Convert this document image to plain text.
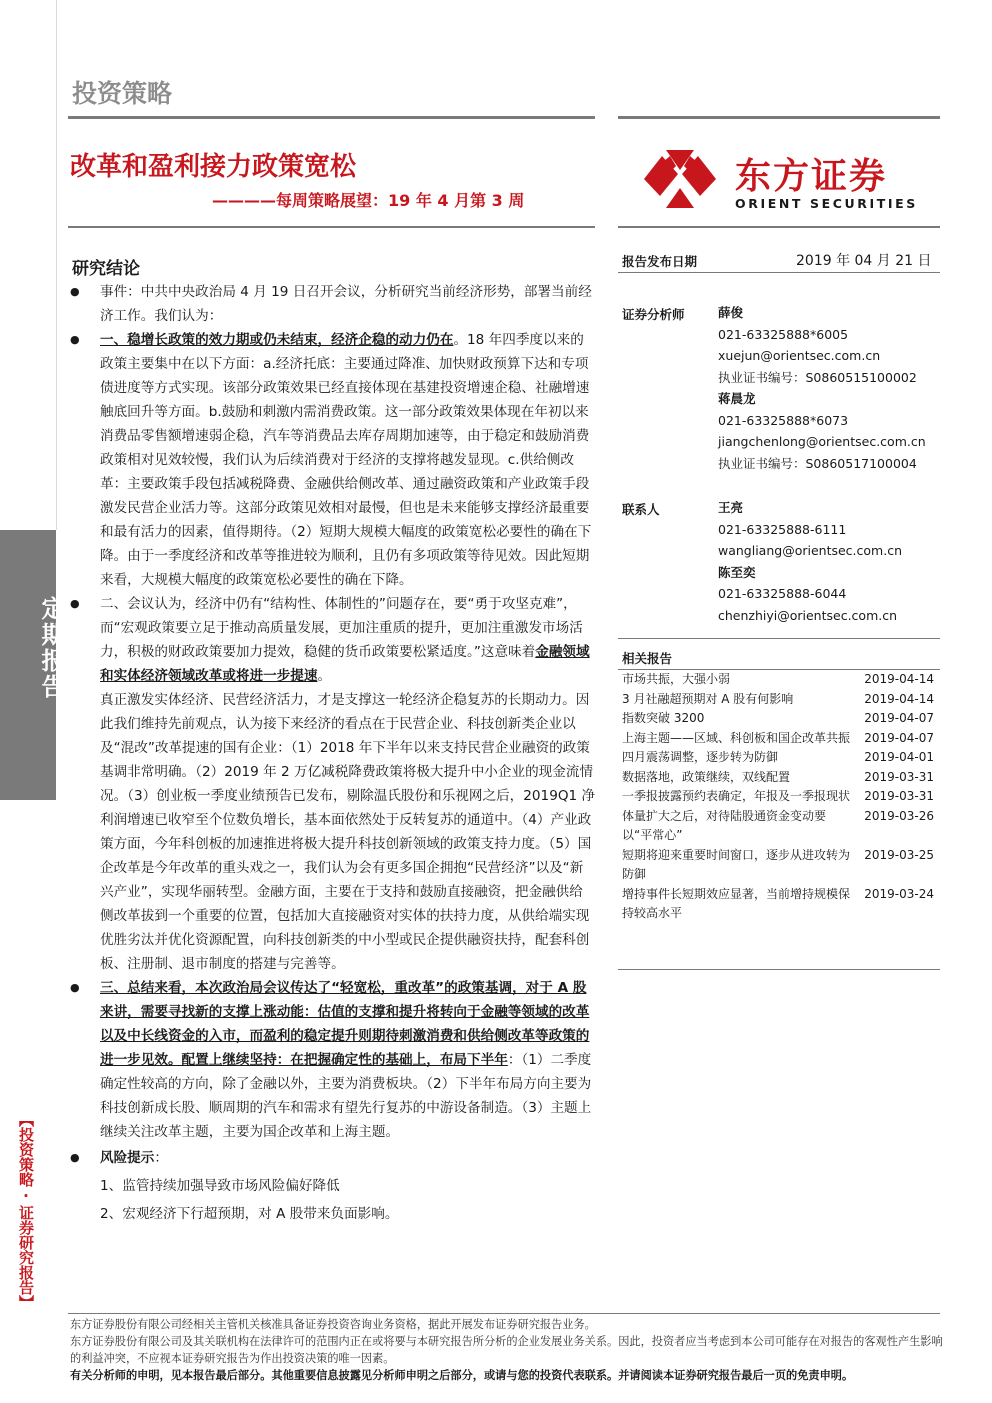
定期报告
【投资策略·证券研究报告】
投资策略
改革和盈利接力政策宽松
————每周策略展望：19 年 4 月第 3 周
东方证券
ORIENT SECURITIES
研究结论

● 事件：中共中央政治局 4 月 19 日召开会议，分析研究当前经济形势，部署当前经济工作。我们认为：

● 一、稳增长政策的效力期或仍未结束，经济企稳的动力仍在。18 年四季度以来的政策主要集中在以下方面：a.经济托底：主要通过降准、加快财政预算下达和专项债进度等方式实现。该部分政策效果已经直接体现在基建投资增速企稳、社融增速触底回升等方面。b.鼓励和刺激内需消费政策。这一部分政策效果体现在年初以来消费品零售额增速弱企稳，汽车等消费品去库存周期加速等，由于稳定和鼓励消费政策相对见效较慢，我们认为后续消费对于经济的支撑将越发显现。c.供给侧改革：主要政策手段包括减税降费、金融供给侧改革、通过融资政策和产业政策手段激发民营企业活力等。这部分政策见效相对最慢，但也是未来能够支撑经济最重要和最有活力的因素，值得期待。（2）短期大规模大幅度的政策宽松必要性的确在下降。由于一季度经济和改革等推进较为顺利，且仍有多项政策等待见效。因此短期来看，大规模大幅度的政策宽松必要性的确在下降。

● 二、会议认为，经济中仍有“结构性、体制性的”问题存在，要“勇于攻坚克难”，而“宏观政策要立足于推动高质量发展，更加注重质的提升，更加注重激发市场活力，积极的财政政策要加力提效，稳健的货币政策要松紧适度。”这意味着金融领域和实体经济领域改革或将进一步提速。

真正激发实体经济、民营经济活力，才是支撑这一轮经济企稳复苏的长期动力。因此我们维持先前观点，认为接下来经济的看点在于民营企业、科技创新类企业以及“混改”改革提速的国有企业：（1）2018 年下半年以来支持民营企业融资的政策基调非常明确。（2）2019 年 2 万亿减税降费政策将极大提升中小企业的现金流情况。（3）创业板一季度业绩预告已发布，剔除温氏股份和乐视网之后，2019Q1 净利润增速已收窄至个位数负增长，基本面依然处于反转复苏的通道中。（4）产业政策方面，今年科创板的加速推进将极大提升科技创新领域的政策支持力度。（5）国企改革是今年改革的重头戏之一，我们认为会有更多国企拥抱“民营经济”以及“新兴产业”，实现华丽转型。金融方面，主要在于支持和鼓励直接融资，把金融供给侧改革拔到一个重要的位置，包括加大直接融资对实体的扶持力度，从供给端实现优胜劣汰并优化资源配置，向科技创新类的中小型或民企提供融资扶持，配套科创板、注册制、退市制度的搭建与完善等。

● 三、总结来看，本次政治局会议传达了“轻宽松，重改革”的政策基调，对于 A 股来讲，需要寻找新的支撑上涨动能：估值的支撑和提升将转向于金融等领域的改革以及中长线资金的入市，而盈利的稳定提升则期待刺激消费和供给侧改革等政策的进一步见效。配置上继续坚持：在把握确定性的基础上，布局下半年：（1）二季度确定性较高的方向，除了金融以外，主要为消费板块。（2）下半年布局方向主要为科技创新成长股、顺周期的汽车和需求有望先行复苏的中游设备制造。（3）主题上继续关注改革主题，主要为国企改革和上海主题。

● 风险提示：

1、监管持续加强导致市场风险偏好降低

2、宏观经济下行超预期，对 A 股带来负面影响。

报告发布日期	2019 年 04 月 21 日
证券分析师	薛俊
021-63325888*6005
xuejun@orientsec.com.cn
执业证书编号：S0860515100002
蒋晨龙
021-63325888*6073
jiangchenlong@orientsec.com.cn
执业证书编号：S0860517100004
联系人	王亮
021-63325888-6111
wangliang@orientsec.com.cn
陈至奕
021-63325888-6044
chenzhiyi@orientsec.com.cn
相关报告
市场共振，大强小弱	2019-04-14
3 月社融超预期对 A 股有何影响	2019-04-14
指数突破 3200	2019-04-07
上海主题——区域、科创板和国企改革共振	2019-04-07
四月震荡调整，逐步转为防御	2019-04-01
数据落地，政策继续，双线配置	2019-03-31
一季报披露预约表确定，年报及一季报现状	2019-03-31
体量扩大之后，对待陆股通资金变动要以“平常心”
2019-03-26
短期将迎来重要时间窗口，逐步从进攻转为防御
2019-03-25
增持事件长短期效应显著，当前增持规模保持较高水平
2019-03-24
东方证券股份有限公司经相关主管机关核准具备证券投资咨询业务资格，据此开展发布证券研究报告业务。
东方证券股份有限公司及其关联机构在法律许可的范围内正在或将要与本研究报告所分析的企业发展业务关系。因此，投资者应当考虑到本公司可能存在对报告的客观性产生影响的利益冲突，不应视本证券研究报告为作出投资决策的唯一因素。
有关分析师的申明，见本报告最后部分。其他重要信息披露见分析师申明之后部分，或请与您的投资代表联系。并请阅读本证券研究报告最后一页的免责申明。
